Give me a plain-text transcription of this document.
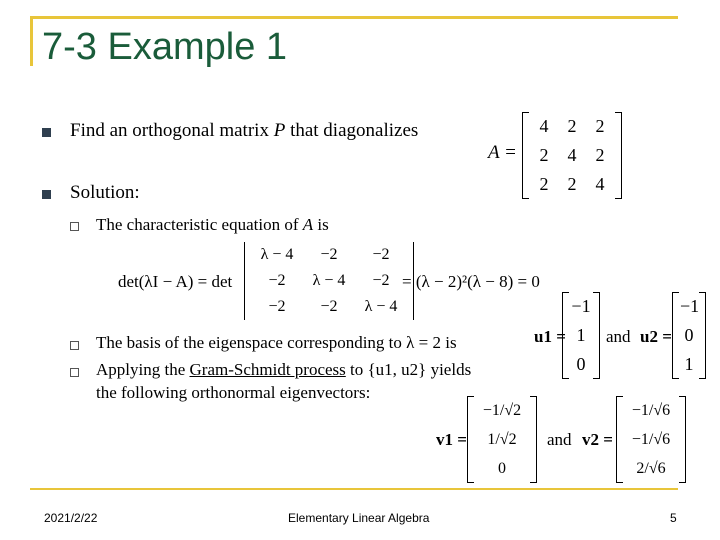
7-3 Example 1
Find an orthogonal matrix P that diagonalizes
A =
4	2	2
2	4	2
2	2	4
Solution:
The characteristic equation of A is
det(λI − A) = det
λ − 4	−2	−2
−2	λ − 4	−2
−2	−2	λ − 4
= (λ − 2)²(λ − 8) = 0
The basis of the eigenspace corresponding to λ = 2 is	u1 =
−1
1
0
and u2 =
−1
0
1
Applying the Gram-Schmidt process to {u1, u2} yields
the following orthonormal eigenvectors:
v1 =
−1/√2
1/√2
0
and v2 =
−1/√6
−1/√6
2/√6
2021/2/22	Elementary Linear Algebra	5
